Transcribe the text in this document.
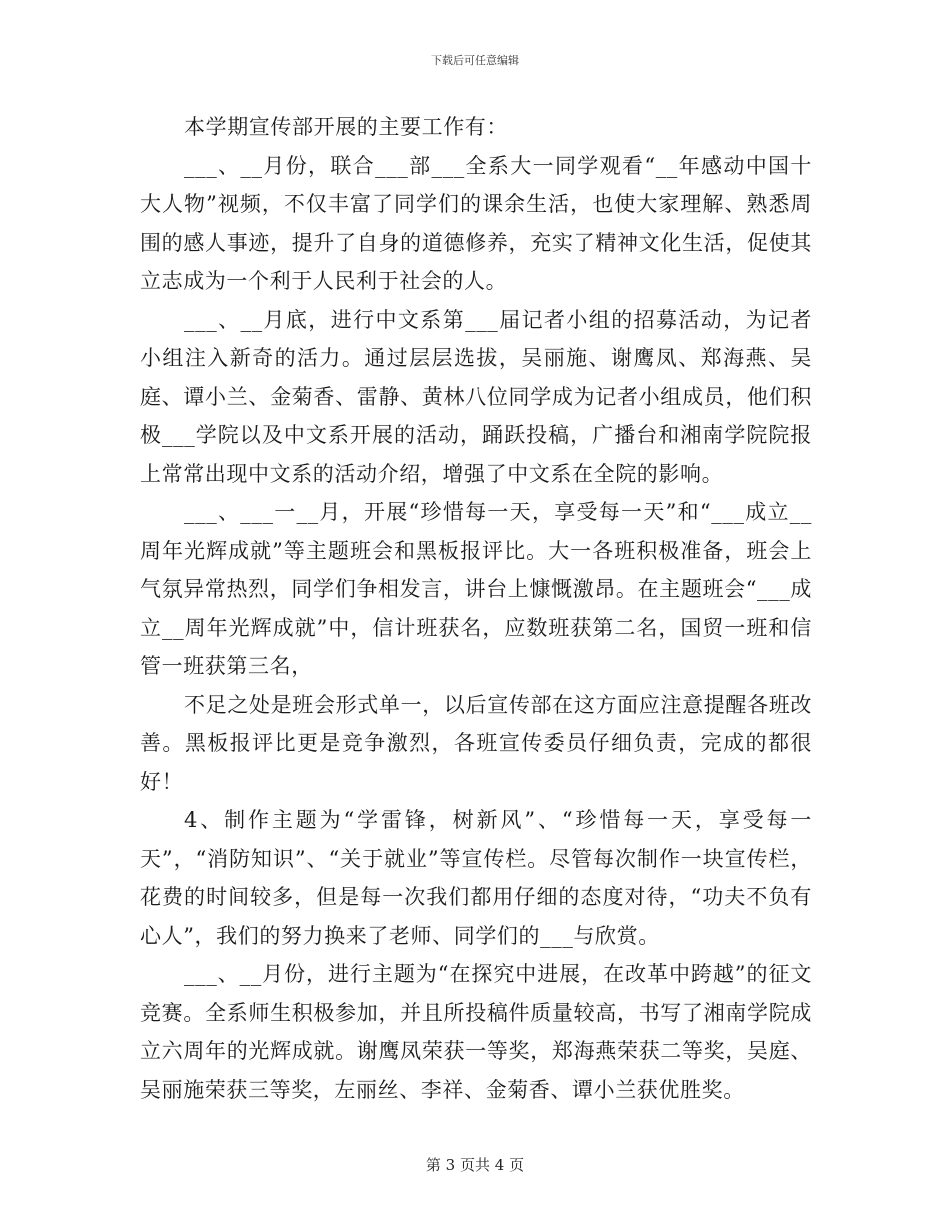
下载后可任意编辑

本学期宣传部开展的主要工作有：

___、__月份，联合___部___全系大一同学观看“__年感动中国十大人物”视频，不仅丰富了同学们的课余生活，也使大家理解、熟悉周围的感人事迹，提升了自身的道德修养，充实了精神文化生活，促使其立志成为一个利于人民利于社会的人。

___、__月底，进行中文系第___届记者小组的招募活动，为记者小组注入新奇的活力。通过层层选拔，吴丽施、谢鹰凤、郑海燕、吴庭、谭小兰、金菊香、雷静、黄林八位同学成为记者小组成员，他们积极___学院以及中文系开展的活动，踊跃投稿，广播台和湘南学院院报上常常出现中文系的活动介绍，增强了中文系在全院的影响。

___、___一__月，开展“珍惜每一天，享受每一天”和“___成立__周年光辉成就”等主题班会和黑板报评比。大一各班积极准备，班会上气氛异常热烈，同学们争相发言，讲台上慷慨激昂。在主题班会“___成立__周年光辉成就”中，信计班获名，应数班获第二名，国贸一班和信管一班获第三名，

不足之处是班会形式单一，以后宣传部在这方面应注意提醒各班改善。黑板报评比更是竞争激烈，各班宣传委员仔细负责，完成的都很好！

4、制作主题为“学雷锋，树新风”、“珍惜每一天，享受每一天”，“消防知识”、“关于就业”等宣传栏。尽管每次制作一块宣传栏，花费的时间较多，但是每一次我们都用仔细的态度对待，“功夫不负有心人”，我们的努力换来了老师、同学们的___与欣赏。

___、__月份，进行主题为“在探究中进展，在改革中跨越”的征文竞赛。全系师生积极参加，并且所投稿件质量较高，书写了湘南学院成立六周年的光辉成就。谢鹰凤荣获一等奖，郑海燕荣获二等奖，吴庭、吴丽施荣获三等奖，左丽丝、李祥、金菊香、谭小兰获优胜奖。

第 3 页共 4 页
